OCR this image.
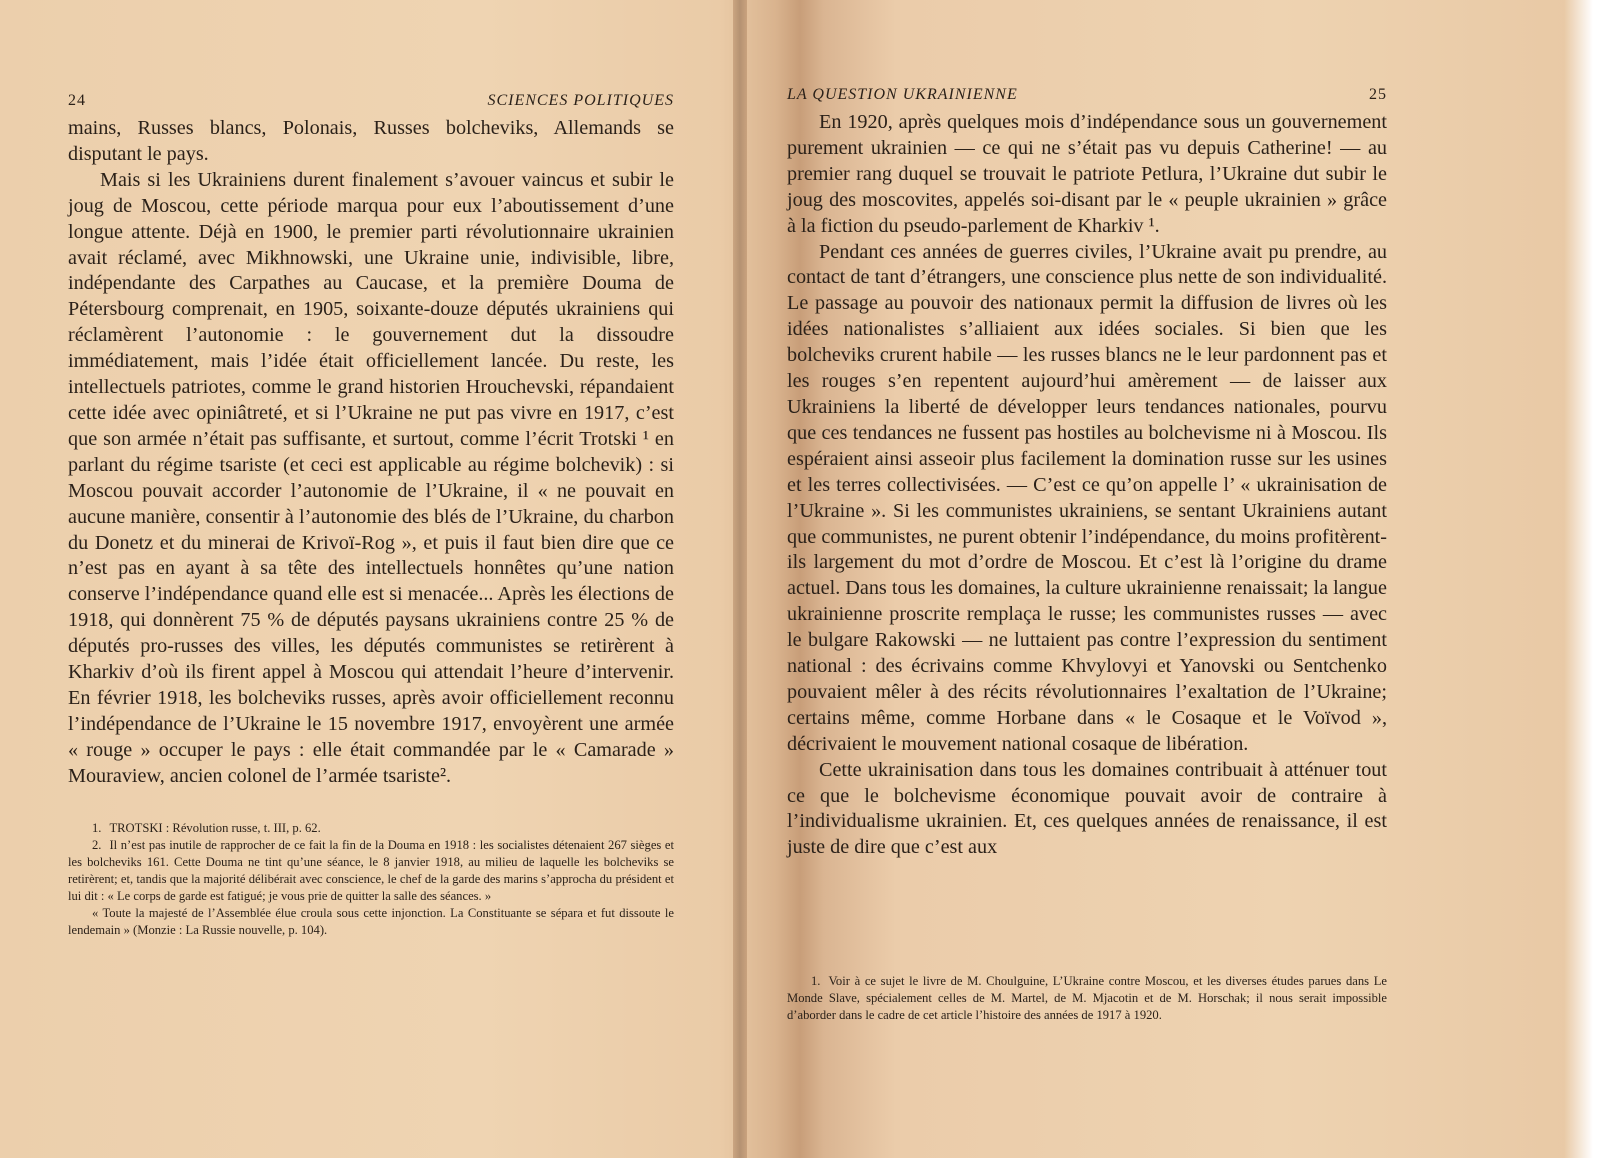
24	SCIENCES POLITIQUES

mains, Russes blancs, Polonais, Russes bolcheviks, Allemands se disputant le pays.

Mais si les Ukrainiens durent finalement s’avouer vaincus et subir le joug de Moscou, cette période marqua pour eux l’aboutissement d’une longue attente. Déjà en 1900, le premier parti révolutionnaire ukrainien avait réclamé, avec Mikhnowski, une Ukraine unie, indivisible, libre, indépendante des Carpathes au Caucase, et la première Douma de Pétersbourg comprenait, en 1905, soixante-douze députés ukrainiens qui réclamèrent l’autonomie : le gouvernement dut la dissoudre immédiatement, mais l’idée était officiellement lancée. Du reste, les intellectuels patriotes, comme le grand historien Hrouchevski, répandaient cette idée avec opiniâtreté, et si l’Ukraine ne put pas vivre en 1917, c’est que son armée n’était pas suffisante, et surtout, comme l’écrit Trotski ¹ en parlant du régime tsariste (et ceci est applicable au régime bolchevik) : si Moscou pouvait accorder l’autonomie de l’Ukraine, il « ne pouvait en aucune manière, consentir à l’autonomie des blés de l’Ukraine, du charbon du Donetz et du minerai de Krivoï-Rog », et puis il faut bien dire que ce n’est pas en ayant à sa tête des intellectuels honnêtes qu’une nation conserve l’indépendance quand elle est si menacée... Après les élections de 1918, qui donnèrent 75 % de députés paysans ukrainiens contre 25 % de députés pro-russes des villes, les députés communistes se retirèrent à Kharkiv d’où ils firent appel à Moscou qui attendait l’heure d’intervenir. En février 1918, les bolcheviks russes, après avoir officiellement reconnu l’indépendance de l’Ukraine le 15 novembre 1917, envoyèrent une armée « rouge » occuper le pays : elle était commandée par le « Camarade » Mouraview, ancien colonel de l’armée tsariste².

1. TROTSKI : Révolution russe, t. III, p. 62.

2. Il n’est pas inutile de rapprocher de ce fait la fin de la Douma en 1918 : les socialistes détenaient 267 sièges et les bolcheviks 161. Cette Douma ne tint qu’une séance, le 8 janvier 1918, au milieu de laquelle les bolcheviks se retirèrent; et, tandis que la majorité délibérait avec conscience, le chef de la garde des marins s’approcha du président et lui dit : « Le corps de garde est fatigué; je vous prie de quitter la salle des séances. »

« Toute la majesté de l’Assemblée élue croula sous cette injonction. La Constituante se sépara et fut dissoute le lendemain » (Monzie : La Russie nouvelle, p. 104).

LA QUESTION UKRAINIENNE	25

En 1920, après quelques mois d’indépendance sous un gouvernement purement ukrainien — ce qui ne s’était pas vu depuis Catherine! — au premier rang duquel se trouvait le patriote Petlura, l’Ukraine dut subir le joug des moscovites, appelés soi-disant par le « peuple ukrainien » grâce à la fiction du pseudo-parlement de Kharkiv ¹.

Pendant ces années de guerres civiles, l’Ukraine avait pu prendre, au contact de tant d’étrangers, une conscience plus nette de son individualité. Le passage au pouvoir des nationaux permit la diffusion de livres où les idées nationalistes s’alliaient aux idées sociales. Si bien que les bolcheviks crurent habile — les russes blancs ne le leur pardonnent pas et les rouges s’en repentent aujourd’hui amèrement — de laisser aux Ukrainiens la liberté de développer leurs tendances nationales, pourvu que ces tendances ne fussent pas hostiles au bolchevisme ni à Moscou. Ils espéraient ainsi asseoir plus facilement la domination russe sur les usines et les terres collectivisées. — C’est ce qu’on appelle l’ « ukrainisation de l’Ukraine ». Si les communistes ukrainiens, se sentant Ukrainiens autant que communistes, ne purent obtenir l’indépendance, du moins profitèrent-ils largement du mot d’ordre de Moscou. Et c’est là l’origine du drame actuel. Dans tous les domaines, la culture ukrainienne renaissait; la langue ukrainienne proscrite remplaça le russe; les communistes russes — avec le bulgare Rakowski — ne luttaient pas contre l’expression du sentiment national : des écrivains comme Khvylovyi et Yanovski ou Sentchenko pouvaient mêler à des récits révolutionnaires l’exaltation de l’Ukraine; certains même, comme Horbane dans « le Cosaque et le Voïvod », décrivaient le mouvement national cosaque de libération.

Cette ukrainisation dans tous les domaines contribuait à atténuer tout ce que le bolchevisme économique pouvait avoir de contraire à l’individualisme ukrainien. Et, ces quelques années de renaissance, il est juste de dire que c’est aux

1. Voir à ce sujet le livre de M. Choulguine, L’Ukraine contre Moscou, et les diverses études parues dans Le Monde Slave, spécialement celles de M. Martel, de M. Mjacotin et de M. Horschak; il nous serait impossible d’aborder dans le cadre de cet article l’histoire des années de 1917 à 1920.
